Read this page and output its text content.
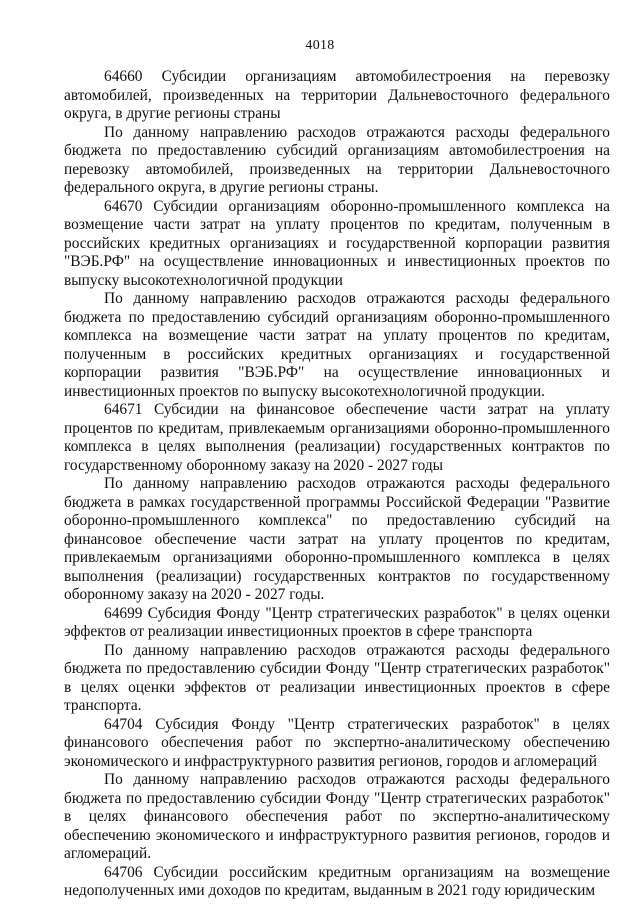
4018

64660 Субсидии организациям автомобилестроения на перевозку автомобилей, произведенных на территории Дальневосточного федерального округа, в другие регионы страны

По данному направлению расходов отражаются расходы федерального бюджета по предоставлению субсидий организациям автомобилестроения на перевозку автомобилей, произведенных на территории Дальневосточного федерального округа, в другие регионы страны.

64670 Субсидии организациям оборонно-промышленного комплекса на возмещение части затрат на уплату процентов по кредитам, полученным в российских кредитных организациях и государственной корпорации развития "ВЭБ.РФ" на осуществление инновационных и инвестиционных проектов по выпуску высокотехнологичной продукции

По данному направлению расходов отражаются расходы федерального бюджета по предоставлению субсидий организациям оборонно-промышленного комплекса на возмещение части затрат на уплату процентов по кредитам, полученным в российских кредитных организациях и государственной корпорации развития "ВЭБ.РФ" на осуществление инновационных и инвестиционных проектов по выпуску высокотехнологичной продукции.

64671 Субсидии на финансовое обеспечение части затрат на уплату процентов по кредитам, привлекаемым организациями оборонно-промышленного комплекса в целях выполнения (реализации) государственных контрактов по государственному оборонному заказу на 2020 - 2027 годы

По данному направлению расходов отражаются расходы федерального бюджета в рамках государственной программы Российской Федерации "Развитие оборонно-промышленного комплекса" по предоставлению субсидий на финансовое обеспечение части затрат на уплату процентов по кредитам, привлекаемым организациями оборонно-промышленного комплекса в целях выполнения (реализации) государственных контрактов по государственному оборонному заказу на 2020 - 2027 годы.

64699 Субсидия Фонду "Центр стратегических разработок" в целях оценки эффектов от реализации инвестиционных проектов в сфере транспорта

По данному направлению расходов отражаются расходы федерального бюджета по предоставлению субсидии Фонду "Центр стратегических разработок" в целях оценки эффектов от реализации инвестиционных проектов в сфере транспорта.

64704 Субсидия Фонду "Центр стратегических разработок" в целях финансового обеспечения работ по экспертно-аналитическому обеспечению экономического и инфраструктурного развития регионов, городов и агломераций

По данному направлению расходов отражаются расходы федерального бюджета по предоставлению субсидии Фонду "Центр стратегических разработок" в целях финансового обеспечения работ по экспертно-аналитическому обеспечению экономического и инфраструктурного развития регионов, городов и агломераций.

64706 Субсидии российским кредитным организациям на возмещение недополученных ими доходов по кредитам, выданным в 2021 году юридическим
